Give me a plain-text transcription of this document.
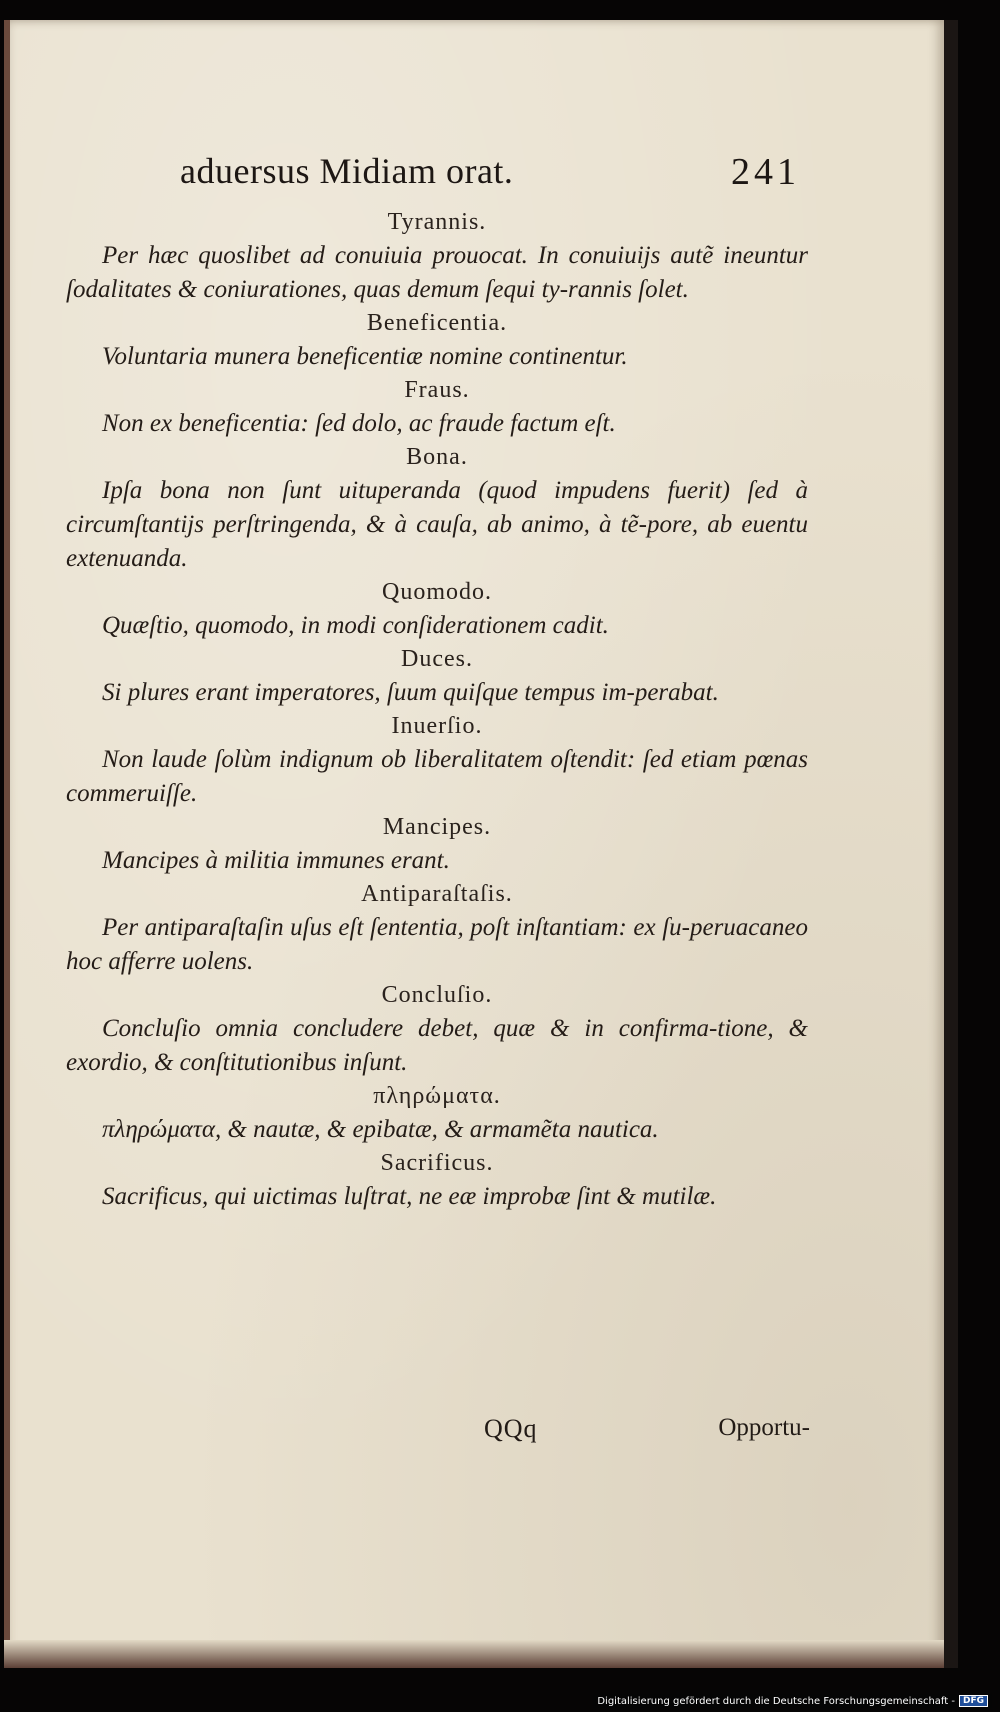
aduersus Midiam orat.	241
Tyrannis.

Per hæc quoslibet ad conuiuia prouocat. In conuiuijs autẽ ineuntur ſodalitates & coniurationes, quas demum ſequi ty-rannis ſolet.

Beneficentia.

Voluntaria munera beneficentiæ nomine continentur.

Fraus.

Non ex beneficentia: ſed dolo, ac fraude factum eſt.

Bona.

Ipſa bona non ſunt uituperanda (quod impudens fuerit) ſed à circumſtantijs perſtringenda, & à cauſa, ab animo, à tẽ-pore, ab euentu extenuanda.

Quomodo.

Quæſtio, quomodo, in modi conſiderationem cadit.

Duces.

Si plures erant imperatores, ſuum quiſque tempus im-perabat.

Inuerſio.

Non laude ſolùm indignum ob liberalitatem oſtendit: ſed etiam pœnas commeruiſſe.

Mancipes.

Mancipes à militia immunes erant.

Antiparaſtaſis.

Per antiparaſtaſin uſus eſt ſententia, poſt inſtantiam: ex ſu-peruacaneo hoc afferre uolens.

Concluſio.

Concluſio omnia concludere debet, quæ & in confirma-tione, & exordio, & conſtitutionibus inſunt.

πληρώματα.

πληρώματα, & nautæ, & epibatæ, & armamẽta nautica.

Sacrificus.

Sacrificus, qui uictimas luſtrat, ne eæ improbæ ſint & mutilæ.

QQq	Opportu-
Digitalisierung gefördert durch die Deutsche Forschungsgemeinschaft - DFG
